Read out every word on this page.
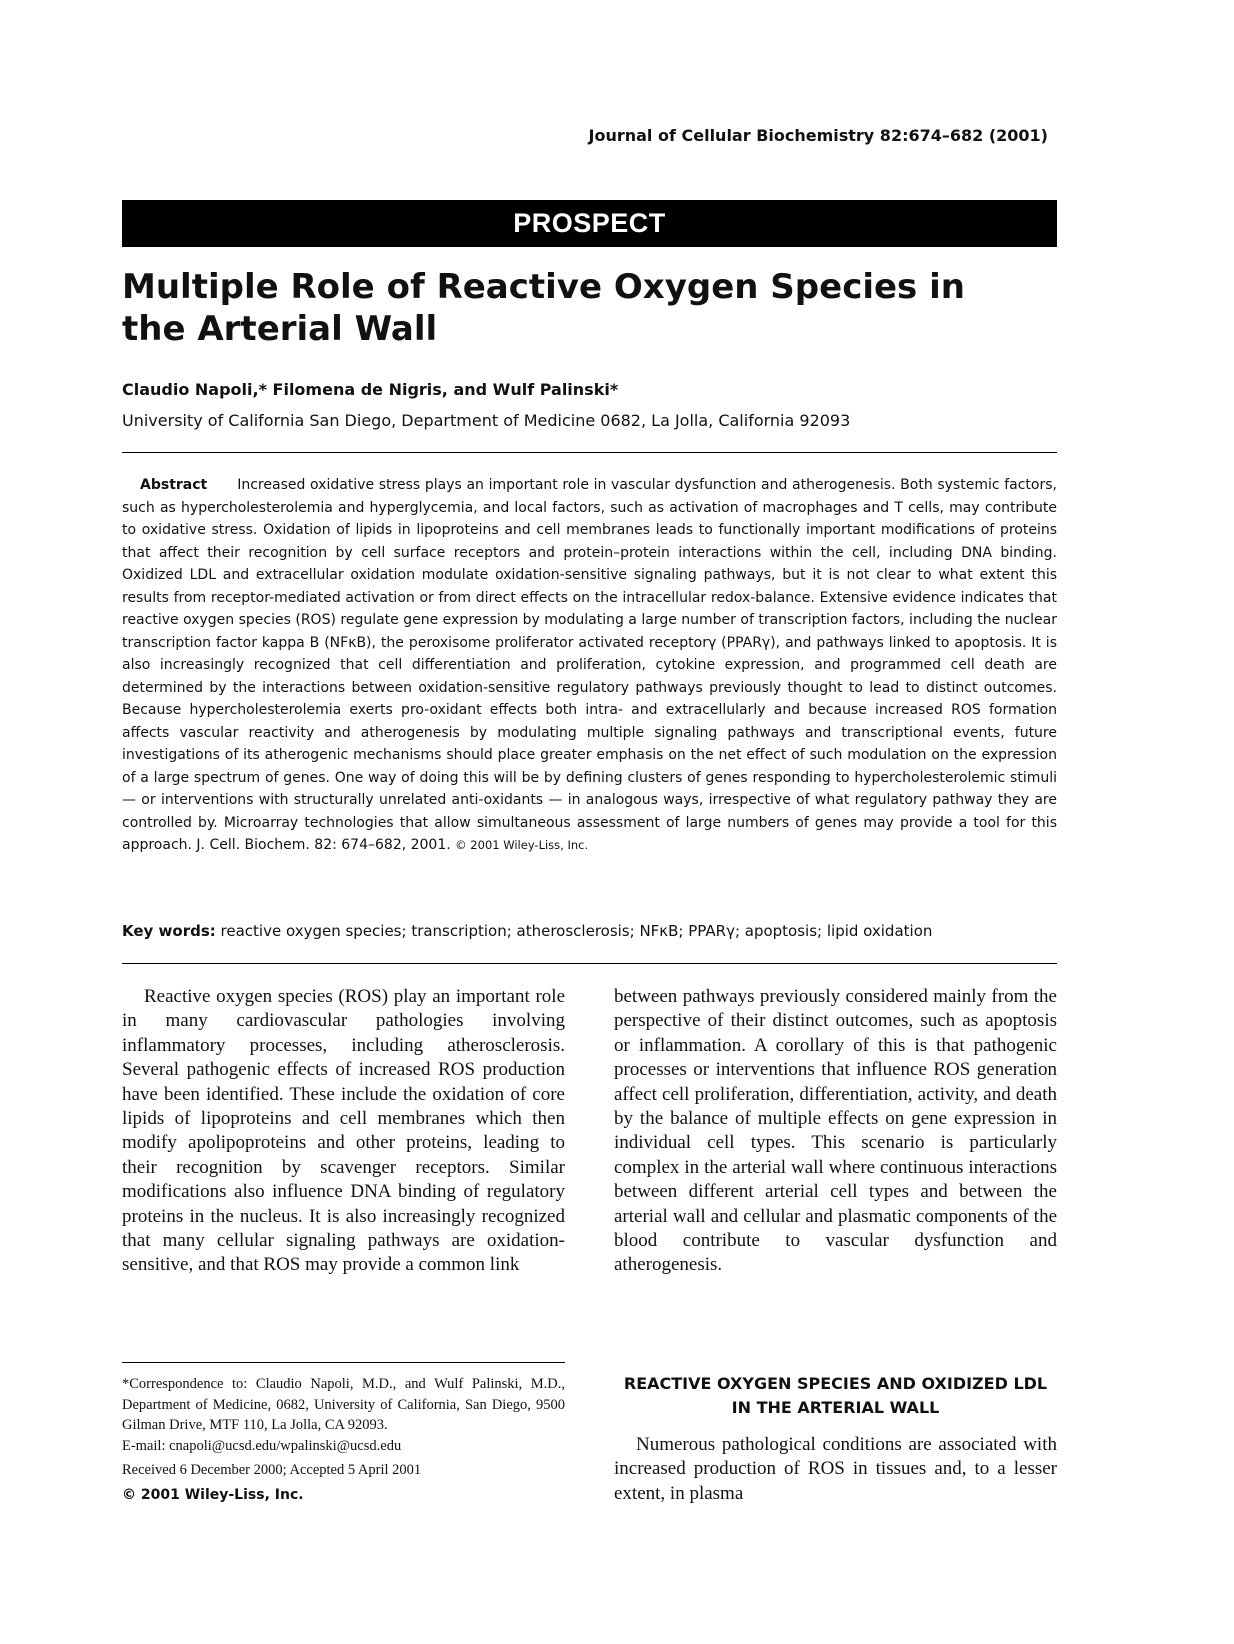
Journal of Cellular Biochemistry 82:674–682 (2001)
PROSPECT
Multiple Role of Reactive Oxygen Species in the Arterial Wall
Claudio Napoli,* Filomena de Nigris, and Wulf Palinski*
University of California San Diego, Department of Medicine 0682, La Jolla, California 92093

Abstract Increased oxidative stress plays an important role in vascular dysfunction and atherogenesis. Both systemic factors, such as hypercholesterolemia and hyperglycemia, and local factors, such as activation of macrophages and T cells, may contribute to oxidative stress. Oxidation of lipids in lipoproteins and cell membranes leads to functionally important modifications of proteins that affect their recognition by cell surface receptors and protein–protein interactions within the cell, including DNA binding. Oxidized LDL and extracellular oxidation modulate oxidation-sensitive signaling pathways, but it is not clear to what extent this results from receptor-mediated activation or from direct effects on the intracellular redox-balance. Extensive evidence indicates that reactive oxygen species (ROS) regulate gene expression by modulating a large number of transcription factors, including the nuclear transcription factor kappa B (NFκB), the peroxisome proliferator activated receptorγ (PPARγ), and pathways linked to apoptosis. It is also increasingly recognized that cell differentiation and proliferation, cytokine expression, and programmed cell death are determined by the interactions between oxidation-sensitive regulatory pathways previously thought to lead to distinct outcomes. Because hypercholesterolemia exerts pro-oxidant effects both intra- and extracellularly and because increased ROS formation affects vascular reactivity and atherogenesis by modulating multiple signaling pathways and transcriptional events, future investigations of its atherogenic mechanisms should place greater emphasis on the net effect of such modulation on the expression of a large spectrum of genes. One way of doing this will be by defining clusters of genes responding to hypercholesterolemic stimuli — or interventions with structurally unrelated anti-oxidants — in analogous ways, irrespective of what regulatory pathway they are controlled by. Microarray technologies that allow simultaneous assessment of large numbers of genes may provide a tool for this approach. J. Cell. Biochem. 82: 674–682, 2001. © 2001 Wiley-Liss, Inc.

Key words: reactive oxygen species; transcription; atherosclerosis; NFκB; PPARγ; apoptosis; lipid oxidation

Reactive oxygen species (ROS) play an important role in many cardiovascular pathologies involving inflammatory processes, including atherosclerosis. Several pathogenic effects of increased ROS production have been identified. These include the oxidation of core lipids of lipoproteins and cell membranes which then modify apolipoproteins and other proteins, leading to their recognition by scavenger receptors. Similar modifications also influence DNA binding of regulatory proteins in the nucleus. It is also increasingly recognized that many cellular signaling pathways are oxidation-sensitive, and that ROS may provide a common link

between pathways previously considered mainly from the perspective of their distinct outcomes, such as apoptosis or inflammation. A corollary of this is that pathogenic processes or interventions that influence ROS generation affect cell proliferation, differentiation, activity, and death by the balance of multiple effects on gene expression in individual cell types. This scenario is particularly complex in the arterial wall where continuous interactions between different arterial cell types and between the arterial wall and cellular and plasmatic components of the blood contribute to vascular dysfunction and atherogenesis.

REACTIVE OXYGEN SPECIES AND OXIDIZED LDL IN THE ARTERIAL WALL

Numerous pathological conditions are associated with increased production of ROS in tissues and, to a lesser extent, in plasma

*Correspondence to: Claudio Napoli, M.D., and Wulf Palinski, M.D., Department of Medicine, 0682, University of California, San Diego, 9500 Gilman Drive, MTF 110, La Jolla, CA 92093.
E-mail: cnapoli@ucsd.edu/wpalinski@ucsd.edu
Received 6 December 2000; Accepted 5 April 2001
© 2001 Wiley-Liss, Inc.
